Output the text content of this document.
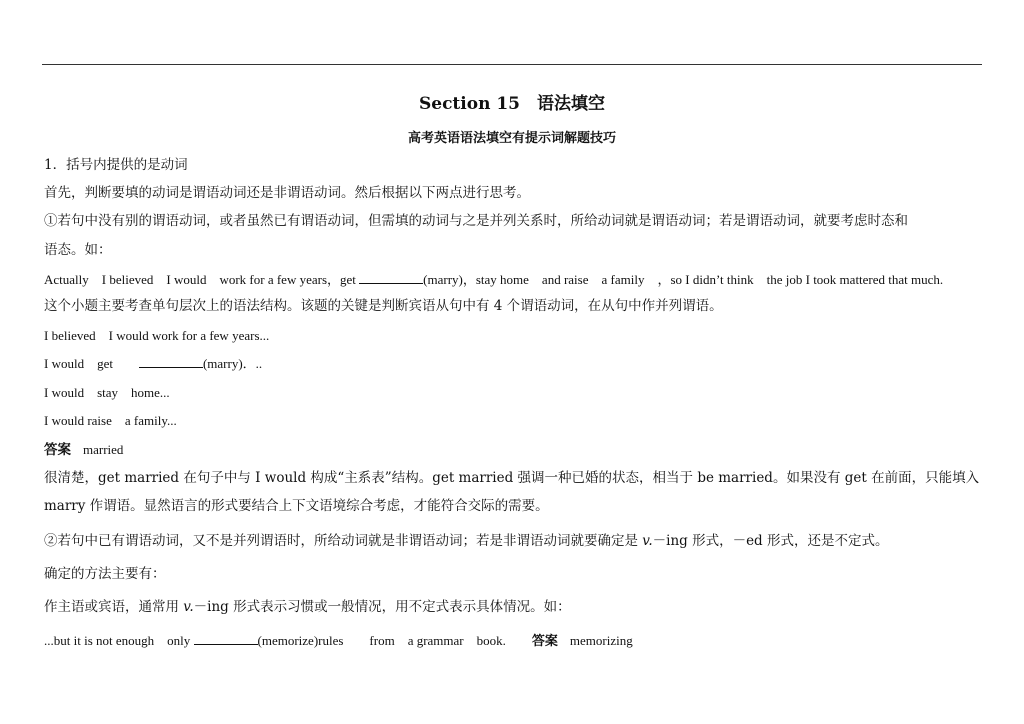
Section 15　语法填空
高考英语语法填空有提示词解题技巧
1．括号内提供的是动词
首先，判断要填的动词是谓语动词还是非谓语动词。然后根据以下两点进行思考。
①若句中没有别的谓语动词，或者虽然已有谓语动词，但需填的动词与之是并列关系时，所给动词就是谓语动词；若是谓语动词，就要考虑时态和
语态。如：
Actually　I believed　I would　work for a few years，get	(marry)，stay home　and raise　a family　，so I didn’t think　the job I took mattered that much.
这个小题主要考查单句层次上的语法结构。该题的关键是判断宾语从句中有 4 个谓语动词，在从句中作并列谓语。
I believed　I would work for a few years...
I would　get　　	(marry)．..
I would　stay　home...
I would raise　a family...
答案 married
很清楚，get married 在句子中与 I would 构成“主系表”结构。get married 强调一种已婚的状态，相当于 be married。如果没有 get 在前面，只能填入
marry 作谓语。显然语言的形式要结合上下文语境综合考虑，才能符合交际的需要。
②若句中已有谓语动词，又不是并列谓语时，所给动词就是非谓语动词；若是非谓语动词就要确定是 v.－ing 形式，－ed 形式，还是不定式。
确定的方法主要有：
作主语或宾语，通常用 v.－ing 形式表示习惯或一般情况，用不定式表示具体情况。如：
...but it is not enough　only	(memorize)rules　　from　a grammar　book.　　答案 memorizing
